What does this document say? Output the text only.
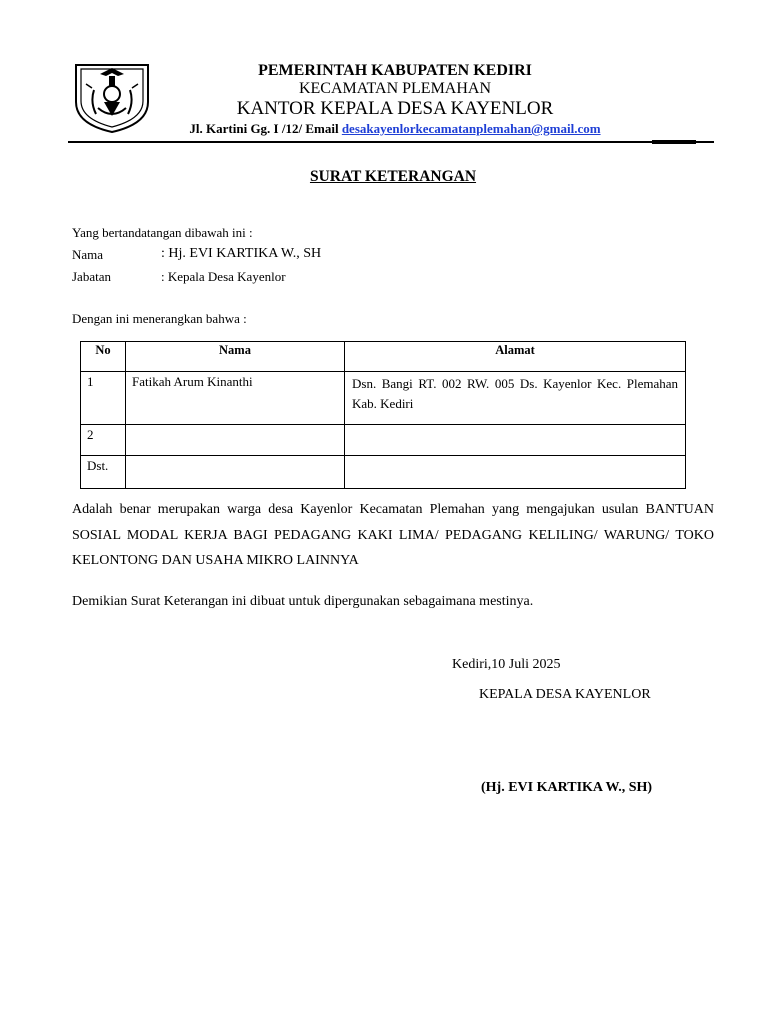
PEMERINTAH KABUPATEN KEDIRI
KECAMATAN PLEMAHAN
KANTOR KEPALA DESA KAYENLOR
Jl. Kartini Gg. I /12/ Email desakayenlorkecamatanplemahan@gmail.com
SURAT KETERANGAN
Yang bertandatangan dibawah ini :
Nama	: Hj. EVI KARTIKA W., SH
Jabatan	: Kepala Desa Kayenlor
Dengan ini menerangkan bahwa :
No	Nama	Alamat
1	Fatikah Arum Kinanthi	Dsn. Bangi RT. 002 RW. 005 Ds. Kayenlor Kec. Plemahan Kab. Kediri
2		
Dst.		
Adalah benar merupakan warga desa Kayenlor Kecamatan Plemahan yang mengajukan usulan BANTUAN SOSIAL MODAL KERJA BAGI PEDAGANG KAKI LIMA/ PEDAGANG KELILING/ WARUNG/ TOKO KELONTONG DAN USAHA MIKRO LAINNYA
Demikian Surat Keterangan ini dibuat untuk dipergunakan sebagaimana mestinya.
Kediri,10 Juli 2025
KEPALA DESA KAYENLOR
(Hj. EVI KARTIKA W., SH)
